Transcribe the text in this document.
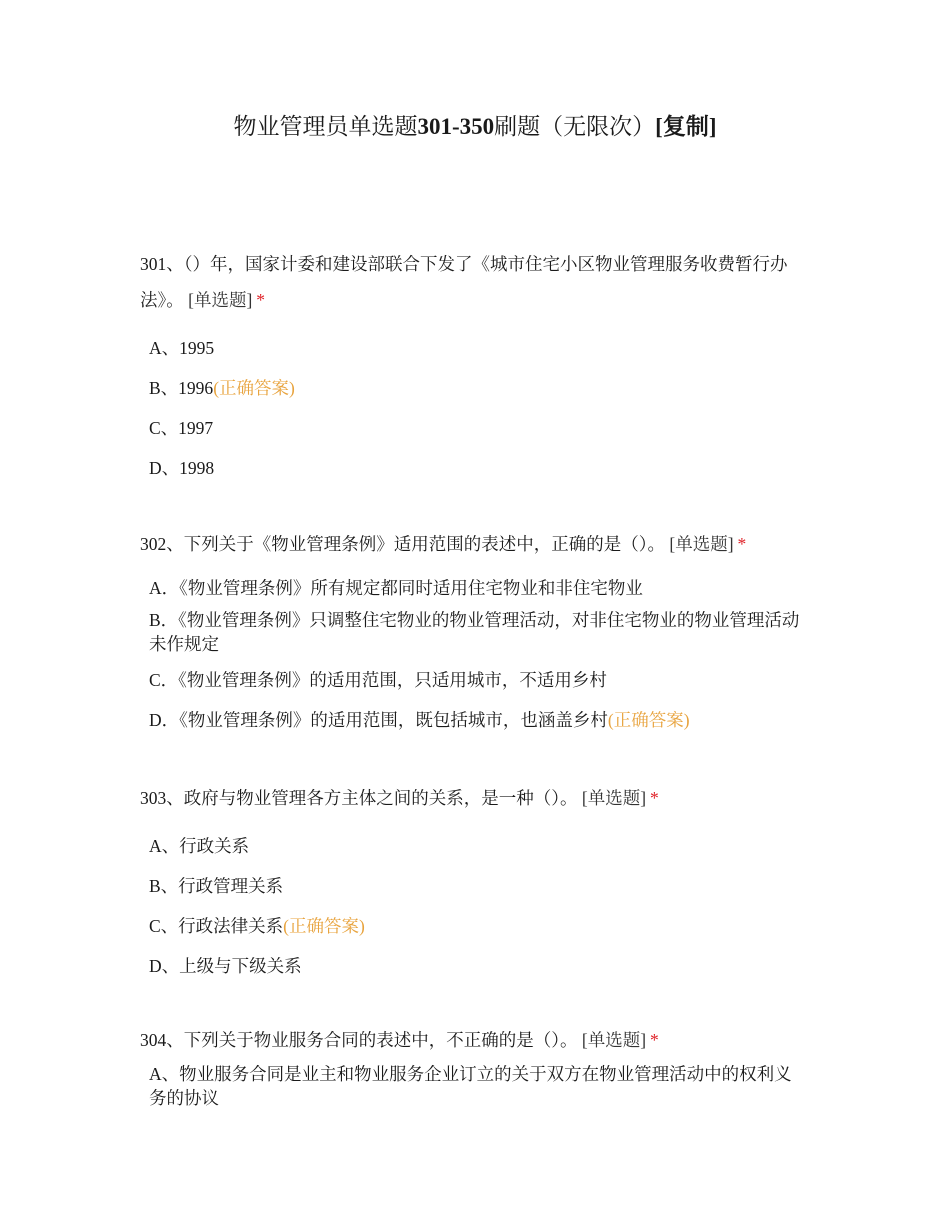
物业管理员单选题301-350刷题（无限次）[复制]

301、（）年，国家计委和建设部联合下发了《城市住宅小区物业管理服务收费暂行办法》。 [单选题] *

A、1995
B、1996(正确答案)
C、1997
D、1998

302、下列关于《物业管理条例》适用范围的表述中，正确的是（）。 [单选题] *

A．《物业管理条例》所有规定都同时适用住宅物业和非住宅物业
B．《物业管理条例》只调整住宅物业的物业管理活动，对非住宅物业的物业管理活动未作规定
C．《物业管理条例》的适用范围，只适用城市，不适用乡村
D．《物业管理条例》的适用范围，既包括城市，也涵盖乡村(正确答案)

303、政府与物业管理各方主体之间的关系，是一种（）。 [单选题] *

A、行政关系
B、行政管理关系
C、行政法律关系(正确答案)
D、上级与下级关系

304、下列关于物业服务合同的表述中，不正确的是（）。 [单选题] *

A、物业服务合同是业主和物业服务企业订立的关于双方在物业管理活动中的权利义务的协议
